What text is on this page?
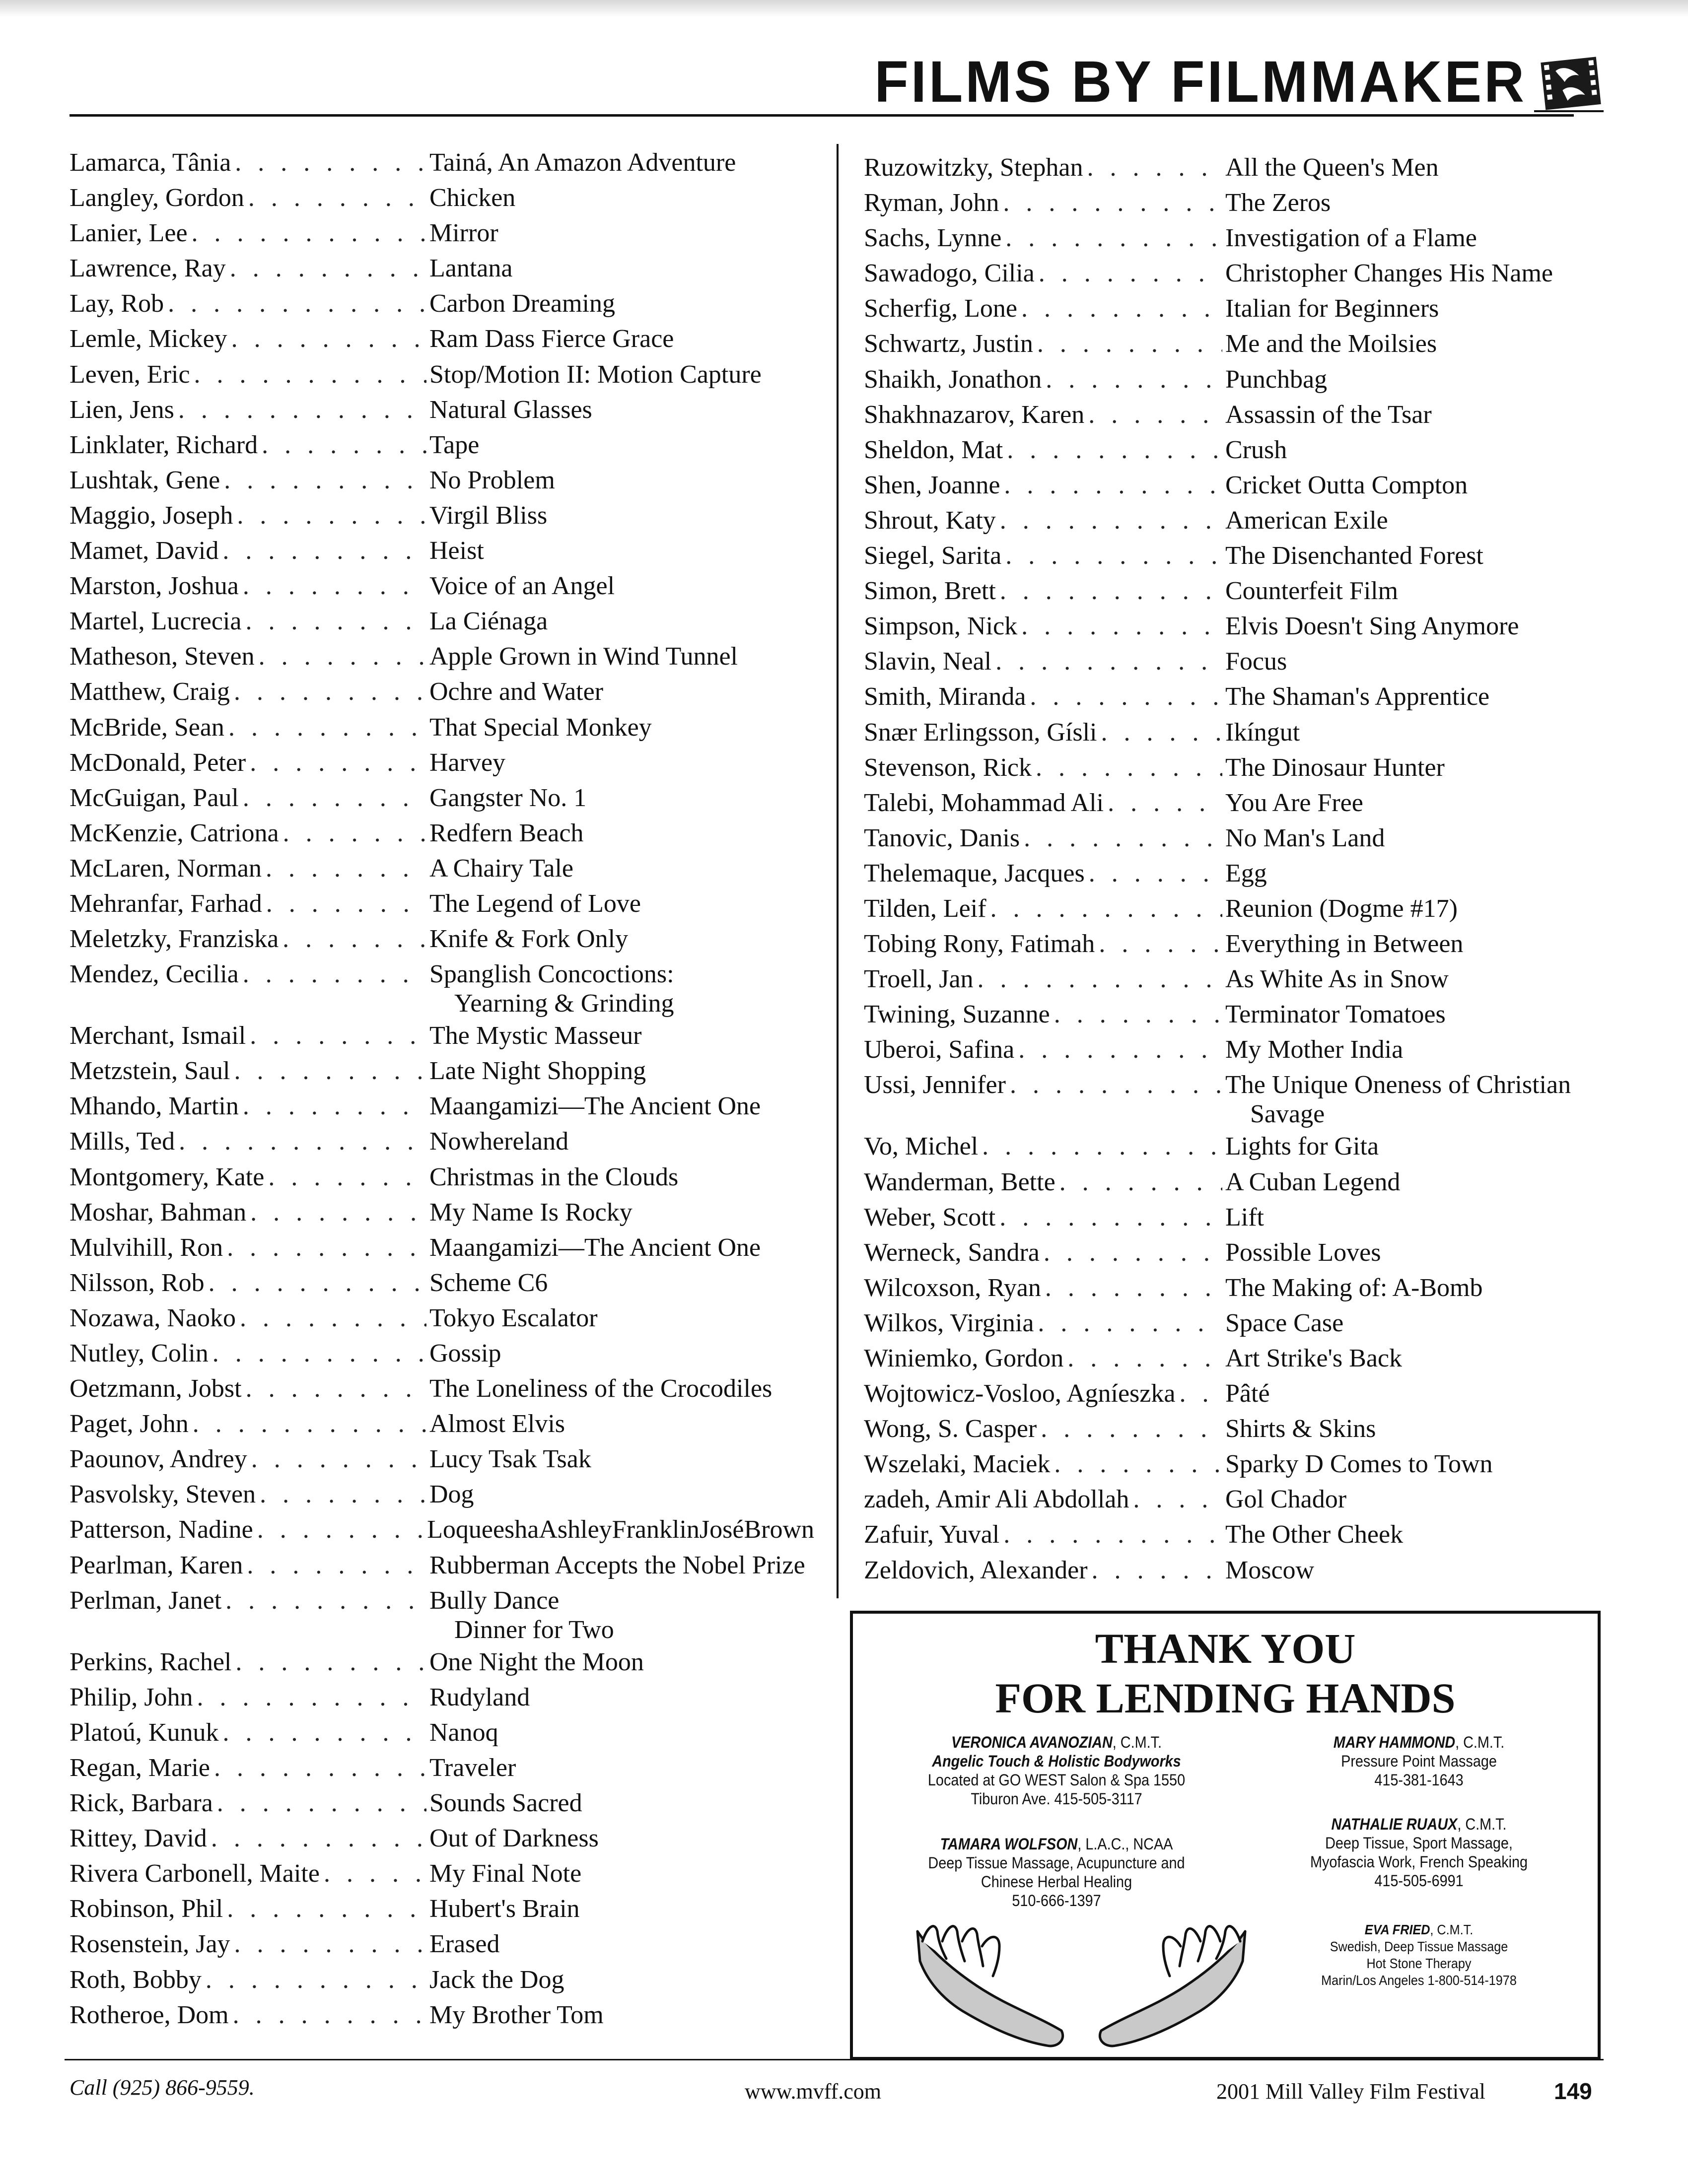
FILMS BY FILMMAKER
Lamarca, Tânia . . .	Tainá, An Amazon Adventure
Langley, Gordon . . .	Chicken
Lanier, Lee . . .	Mirror
Lawrence, Ray . . .	Lantana
Lay, Rob . . .	Carbon Dreaming
Lemle, Mickey . . .	Ram Dass Fierce Grace
Leven, Eric . . .	Stop/Motion II: Motion Capture
Lien, Jens . . .	Natural Glasses
Linklater, Richard . . .	Tape
Lushtak, Gene . . .	No Problem
Maggio, Joseph . . .	Virgil Bliss
Mamet, David . . .	Heist
Marston, Joshua . . .	Voice of an Angel
Martel, Lucrecia . . .	La Ciénaga
Matheson, Steven . . .	Apple Grown in Wind Tunnel
Matthew, Craig . . .	Ochre and Water
McBride, Sean . . .	That Special Monkey
McDonald, Peter . . .	Harvey
McGuigan, Paul . . .	Gangster No. 1
McKenzie, Catriona . . .	Redfern Beach
McLaren, Norman . . .	A Chairy Tale
Mehranfar, Farhad . . .	The Legend of Love
Meletzky, Franziska . . .	Knife & Fork Only
Mendez, Cecilia . . .	Spanglish Concoctions:
Yearning & Grinding
Merchant, Ismail . . .	The Mystic Masseur
Metzstein, Saul . . .	Late Night Shopping
Mhando, Martin . . .	Maangamizi—The Ancient One
Mills, Ted . . .	Nowhereland
Montgomery, Kate . . .	Christmas in the Clouds
Moshar, Bahman . . .	My Name Is Rocky
Mulvihill, Ron . . .	Maangamizi—The Ancient One
Nilsson, Rob . . .	Scheme C6
Nozawa, Naoko . . .	Tokyo Escalator
Nutley, Colin . . .	Gossip
Oetzmann, Jobst . . .	The Loneliness of the Crocodiles
Paget, John . . .	Almost Elvis
Paounov, Andrey . . .	Lucy Tsak Tsak
Pasvolsky, Steven . . .	Dog
Patterson, Nadine . . .	LoqueeshaAshleyFranklinJoséBrown
Pearlman, Karen . . .	Rubberman Accepts the Nobel Prize
Perlman, Janet . . .	Bully Dance
Dinner for Two
Perkins, Rachel . . .	One Night the Moon
Philip, John . . .	Rudyland
Platoú, Kunuk . . .	Nanoq
Regan, Marie . . .	Traveler
Rick, Barbara . . .	Sounds Sacred
Rittey, David . . .	Out of Darkness
Rivera Carbonell, Maite . . .	My Final Note
Robinson, Phil . . .	Hubert's Brain
Rosenstein, Jay . . .	Erased
Roth, Bobby . . .	Jack the Dog
Rotheroe, Dom . . .	My Brother Tom
Ruzowitzky, Stephan . . .	All the Queen's Men
Ryman, John . . .	The Zeros
Sachs, Lynne . . .	Investigation of a Flame
Sawadogo, Cilia . . .	Christopher Changes His Name
Scherfig, Lone . . .	Italian for Beginners
Schwartz, Justin . . .	Me and the Moilsies
Shaikh, Jonathon . . .	Punchbag
Shakhnazarov, Karen . . .	Assassin of the Tsar
Sheldon, Mat . . .	Crush
Shen, Joanne . . .	Cricket Outta Compton
Shrout, Katy . . .	American Exile
Siegel, Sarita . . .	The Disenchanted Forest
Simon, Brett . . .	Counterfeit Film
Simpson, Nick . . .	Elvis Doesn't Sing Anymore
Slavin, Neal . . .	Focus
Smith, Miranda . . .	The Shaman's Apprentice
Snær Erlingsson, Gísli . . .	Ikíngut
Stevenson, Rick . . .	The Dinosaur Hunter
Talebi, Mohammad Ali . . .	You Are Free
Tanovic, Danis . . .	No Man's Land
Thelemaque, Jacques . . .	Egg
Tilden, Leif . . .	Reunion (Dogme #17)
Tobing Rony, Fatimah . . .	Everything in Between
Troell, Jan . . .	As White As in Snow
Twining, Suzanne . . .	Terminator Tomatoes
Uberoi, Safina . . .	My Mother India
Ussi, Jennifer . . .	The Unique Oneness of Christian
Savage
Vo, Michel . . .	Lights for Gita
Wanderman, Bette . . .	A Cuban Legend
Weber, Scott . . .	Lift
Werneck, Sandra . . .	Possible Loves
Wilcoxson, Ryan . . .	The Making of: A-Bomb
Wilkos, Virginia . . .	Space Case
Winiemko, Gordon . . .	Art Strike's Back
Wojtowicz-Vosloo, Agníeszka . . . Pâté
Wong, S. Casper . . .	Shirts & Skins
Wszelaki, Maciek . . .	Sparky D Comes to Town
zadeh, Amir Ali Abdollah . . .	Gol Chador
Zafuir, Yuval . . .	The Other Cheek
Zeldovich, Alexander . . .	Moscow
THANK YOU
FOR LENDING HANDS
VERONICA AVANOZIAN, C.M.T.
Angelic Touch & Holistic Bodyworks
Located at GO WEST Salon & Spa 1550
Tiburon Ave. 415-505-3117
TAMARA WOLFSON, L.A.C., NCAA
Deep Tissue Massage, Acupuncture and
Chinese Herbal Healing
510-666-1397
MARY HAMMOND, C.M.T.
Pressure Point Massage
415-381-1643
NATHALIE RUAUX, C.M.T.
Deep Tissue, Sport Massage,
Myofascia Work, French Speaking
415-505-6991
EVA FRIED, C.M.T.
Swedish, Deep Tissue Massage
Hot Stone Therapy
Marin/Los Angeles 1-800-514-1978
Call (925) 866-9559.	www.mvff.com	2001 Mill Valley Film Festival	149
